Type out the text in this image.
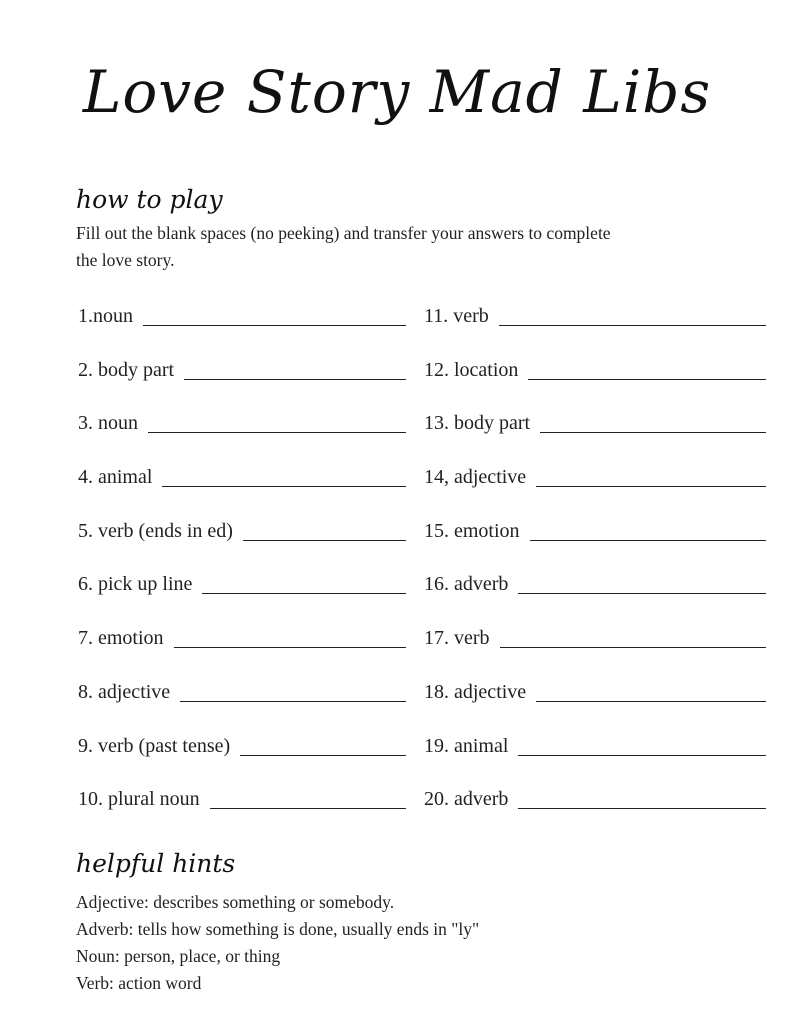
Love Story Mad Libs
how to play
Fill out the blank spaces (no peeking) and transfer your answers to complete the love story.
1.noun	11. verb
2. body part	12. location
3. noun	13. body part
4. animal	14, adjective
5. verb (ends in ed)	15. emotion
6. pick up line	16. adverb
7. emotion	17. verb
8. adjective	18. adjective
9. verb (past tense)	19. animal
10. plural noun	20. adverb
helpful hints
Adjective: describes something or somebody.
Adverb: tells how something is done, usually ends in "ly"
Noun: person, place, or thing
Verb: action word
